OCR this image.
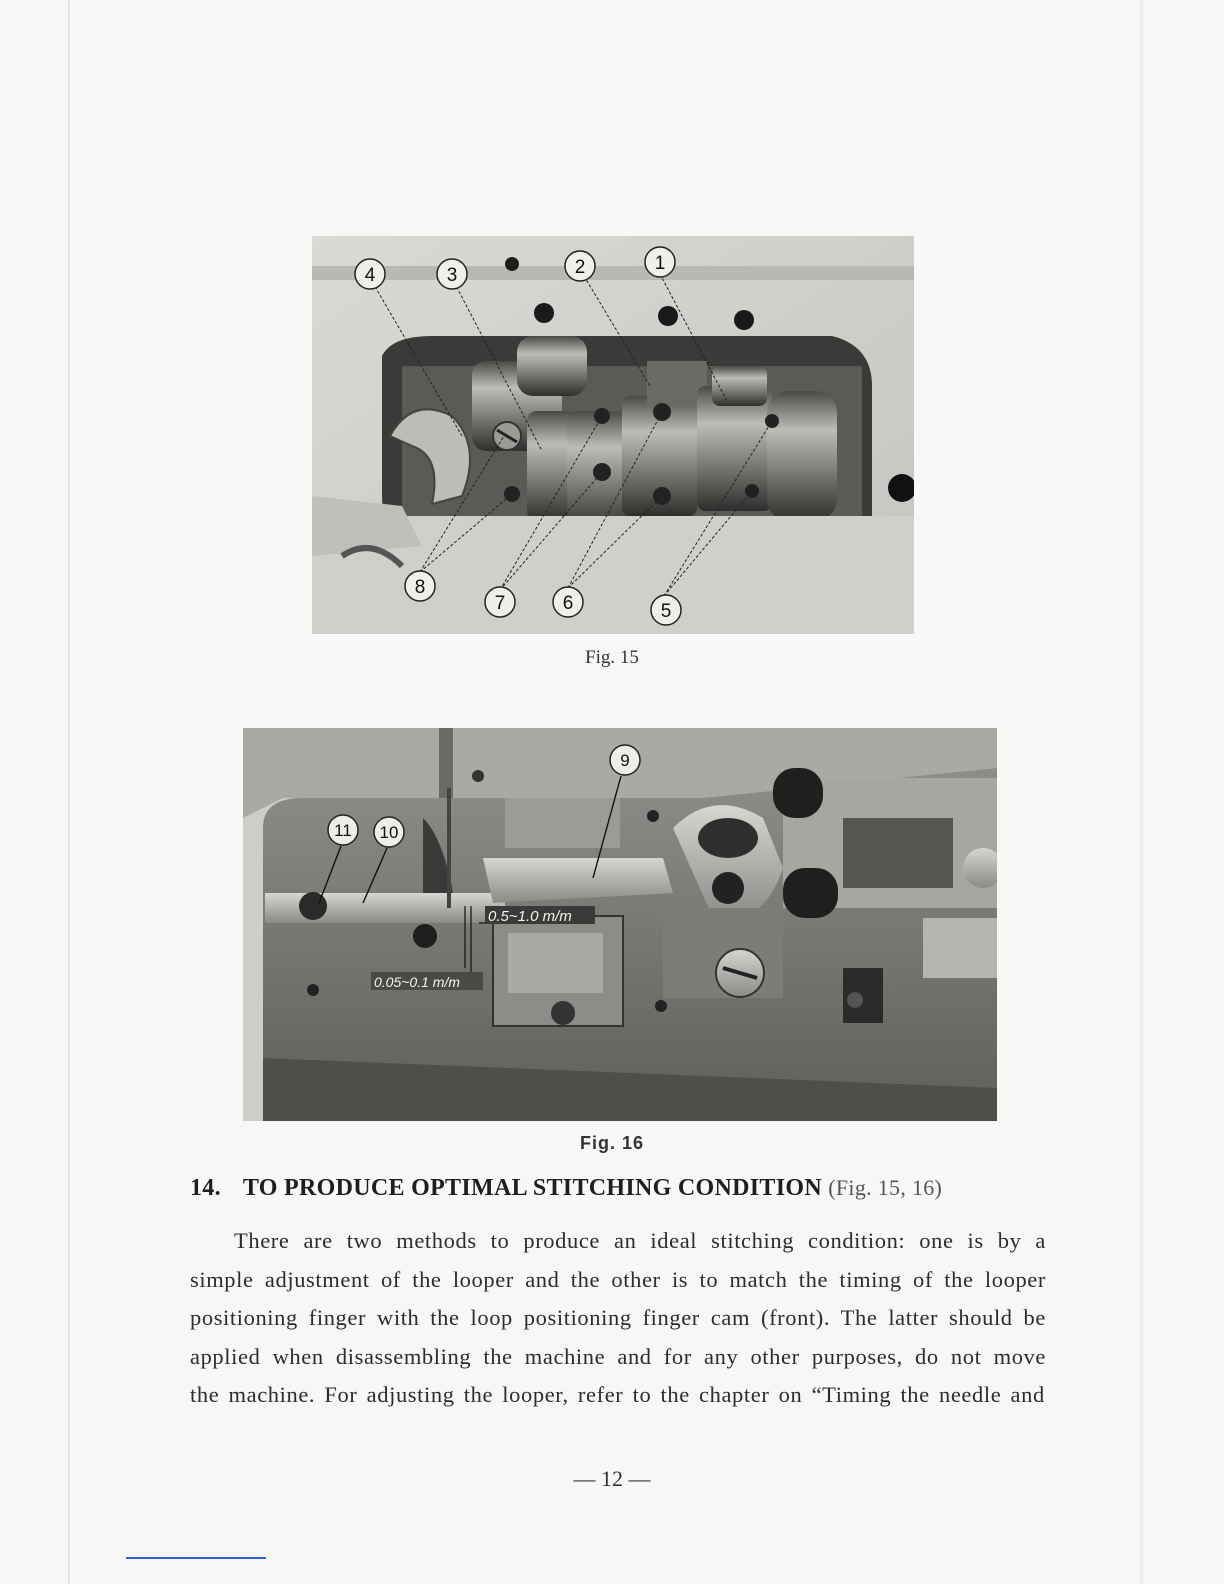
4	3	2	1
8
7	6	5
Fig. 15
0.5~1.0 m/m
0.05~0.1 m/m
9
10
11
Fig. 16
14. TO PRODUCE OPTIMAL STITCHING CONDITION (Fig. 15, 16)
There are two methods to produce an ideal stitching condition: one is by a simple adjustment of the looper and the other is to match the timing of the looper positioning finger with the loop positioning finger cam (front). The latter should be applied when disassembling the machine and for any other purposes, do not move the machine. For adjusting the looper, refer to the chapter on “Timing the needle and
— 12 —
